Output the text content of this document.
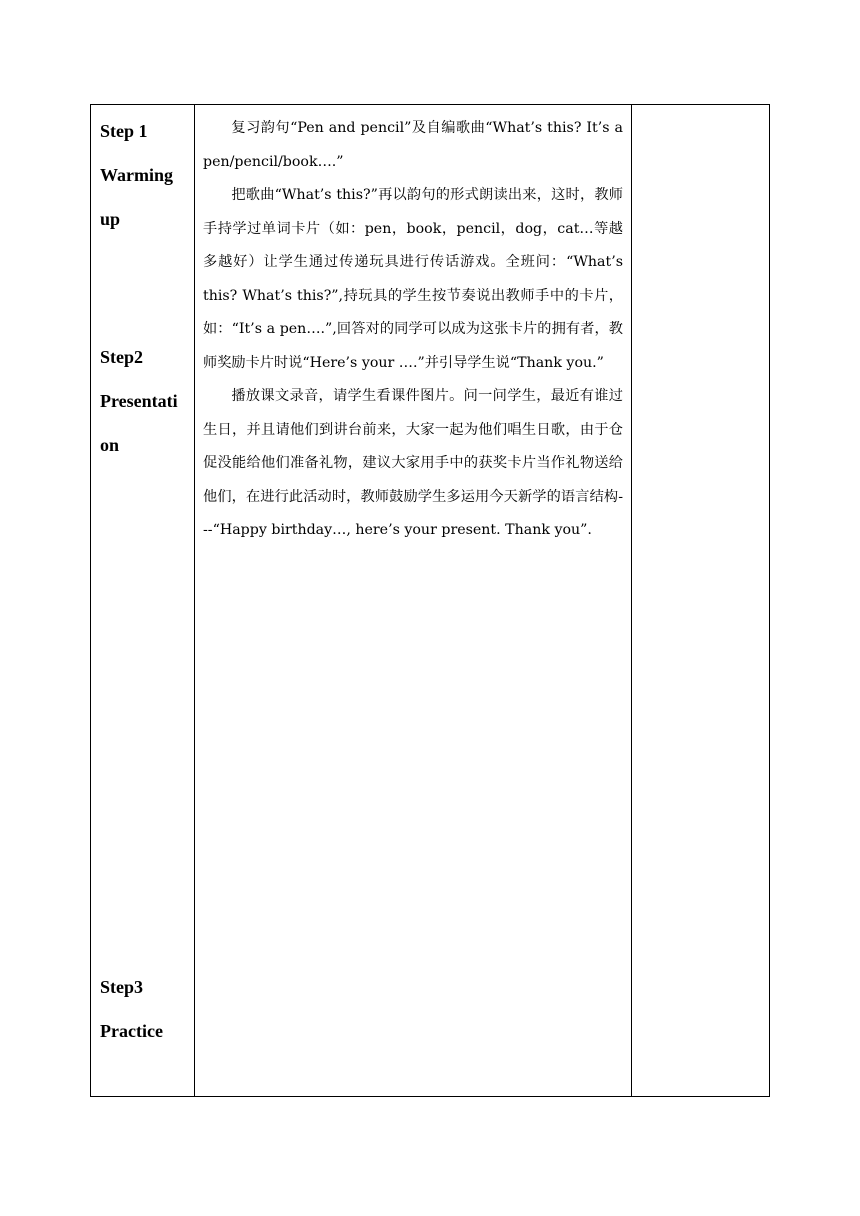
Step 1
Warming
up
Step2
Presentati
on
Step3
Practice

复习韵句“Pen and pencil”及自编歌曲“What’s this? It’s a pen/pencil/book….”

把歌曲“What’s this?”再以韵句的形式朗读出来，这时，教师手持学过单词卡片（如：pen，book，pencil，dog，cat…等越多越好）让学生通过传递玩具进行传话游戏。全班问：“What’s this? What’s this?”,持玩具的学生按节奏说出教师手中的卡片，如：“It’s a pen….”,回答对的同学可以成为这张卡片的拥有者，教师奖励卡片时说“Here’s your ….”并引导学生说“Thank you.”

播放课文录音，请学生看课件图片。问一问学生，最近有谁过生日，并且请他们到讲台前来，大家一起为他们唱生日歌，由于仓促没能给他们准备礼物，建议大家用手中的获奖卡片当作礼物送给他们，在进行此活动时，教师鼓励学生多运用今天新学的语言结构---“Happy birthday…, here’s your present. Thank you”.
